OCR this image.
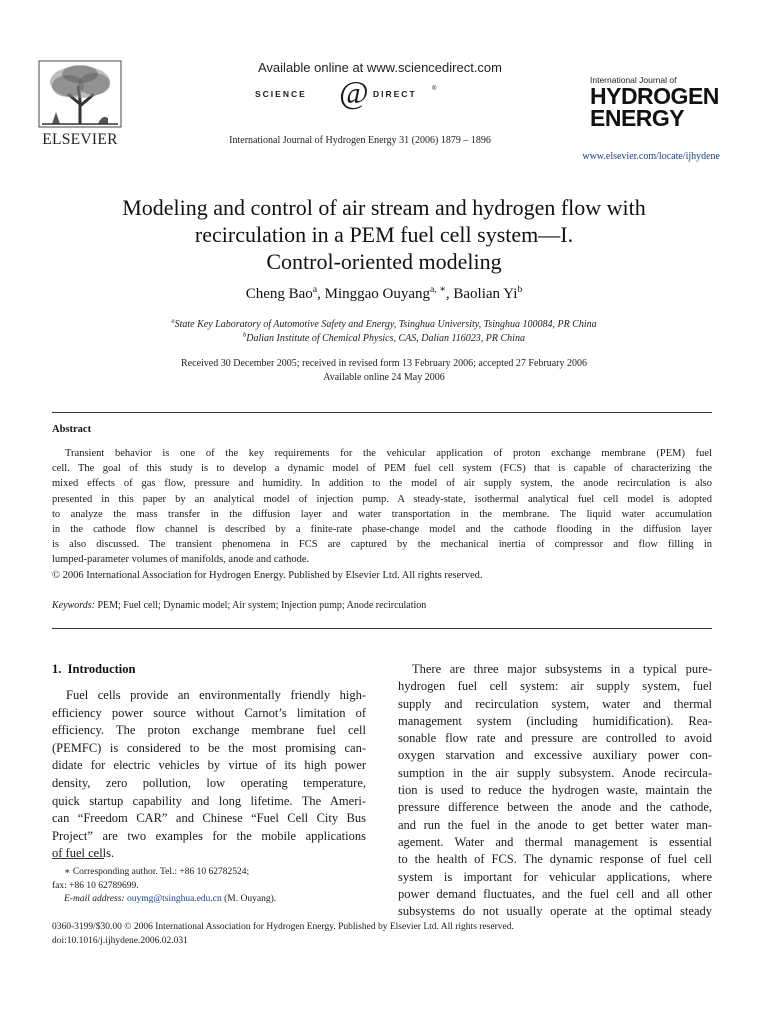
ELSEVIER
Available online at www.sciencedirect.com
SCIENCE @ DIRECT	®
International Journal of Hydrogen Energy 31 (2006) 1879 – 1896
International Journal of
HYDROGEN
ENERGY
www.elsevier.com/locate/ijhydene
Modeling and control of air stream and hydrogen flow with
recirculation in a PEM fuel cell system—I.
Control-oriented modeling
Cheng Bao$^a$, Minggao Ouyang$^{a, ∗}$, Baolian Yi$^b$
$^a$State Key Laboratory of Automotive Safety and Energy, Tsinghua University, Tsinghua 100084, PR China
$^b$Dalian Institute of Chemical Physics, CAS, Dalian 116023, PR China
Received 30 December 2005; received in revised form 13 February 2006; accepted 27 February 2006
Available online 24 May 2006
Abstract
Transient behavior is one of the key requirements for the vehicular application of proton exchange membrane (PEM) fuel
cell. The goal of this study is to develop a dynamic model of PEM fuel cell system (FCS) that is capable of characterizing the
mixed effects of gas flow, pressure and humidity. In addition to the model of air supply system, the anode recirculation is also
presented in this paper by an analytical model of injection pump. A steady-state, isothermal analytical fuel cell model is adopted
to analyze the mass transfer in the diffusion layer and water transportation in the membrane. The liquid water accumulation
in the cathode flow channel is described by a finite-rate phase-change model and the cathode flooding in the diffusion layer
is also discussed. The transient phenomena in FCS are captured by the mechanical inertia of compressor and flow filling in
lumped-parameter volumes of manifolds, anode and cathode.
© 2006 International Association for Hydrogen Energy. Published by Elsevier Ltd. All rights reserved.
Keywords: PEM; Fuel cell; Dynamic model; Air system; Injection pump; Anode recirculation
1.  Introduction
Fuel cells provide an environmentally friendly high-
efficiency power source without Carnot’s limitation of
efficiency. The proton exchange membrane fuel cell
(PEMFC) is considered to be the most promising can-
didate for electric vehicles by virtue of its high power
density, zero pollution, low operating temperature,
quick startup capability and long lifetime. The Ameri-
can “Freedom CAR” and Chinese “Fuel Cell City Bus
Project” are two examples for the mobile applications
of fuel cells.
∗ Corresponding author. Tel.: +86 10 62782524;
fax: +86 10 62789699.
E-mail address: ouymg@tsinghua.edu.cn (M. Ouyang).
There are three major subsystems in a typical pure-
hydrogen fuel cell system: air supply system, fuel
supply and recirculation system, water and thermal
management system (including humidification). Rea-
sonable flow rate and pressure are controlled to avoid
oxygen starvation and excessive auxiliary power con-
sumption in the air supply subsystem. Anode recircula-
tion is used to reduce the hydrogen waste, maintain the
pressure difference between the anode and the cathode,
and run the fuel in the anode to get better water man-
agement. Water and thermal management is essential
to the health of FCS. The dynamic response of fuel cell
system is important for vehicular applications, where
power demand fluctuates, and the fuel cell and all other
subsystems do not usually operate at the optimal steady
0360-3199/$30.00 © 2006 International Association for Hydrogen Energy. Published by Elsevier Ltd. All rights reserved.
doi:10.1016/j.ijhydene.2006.02.031
